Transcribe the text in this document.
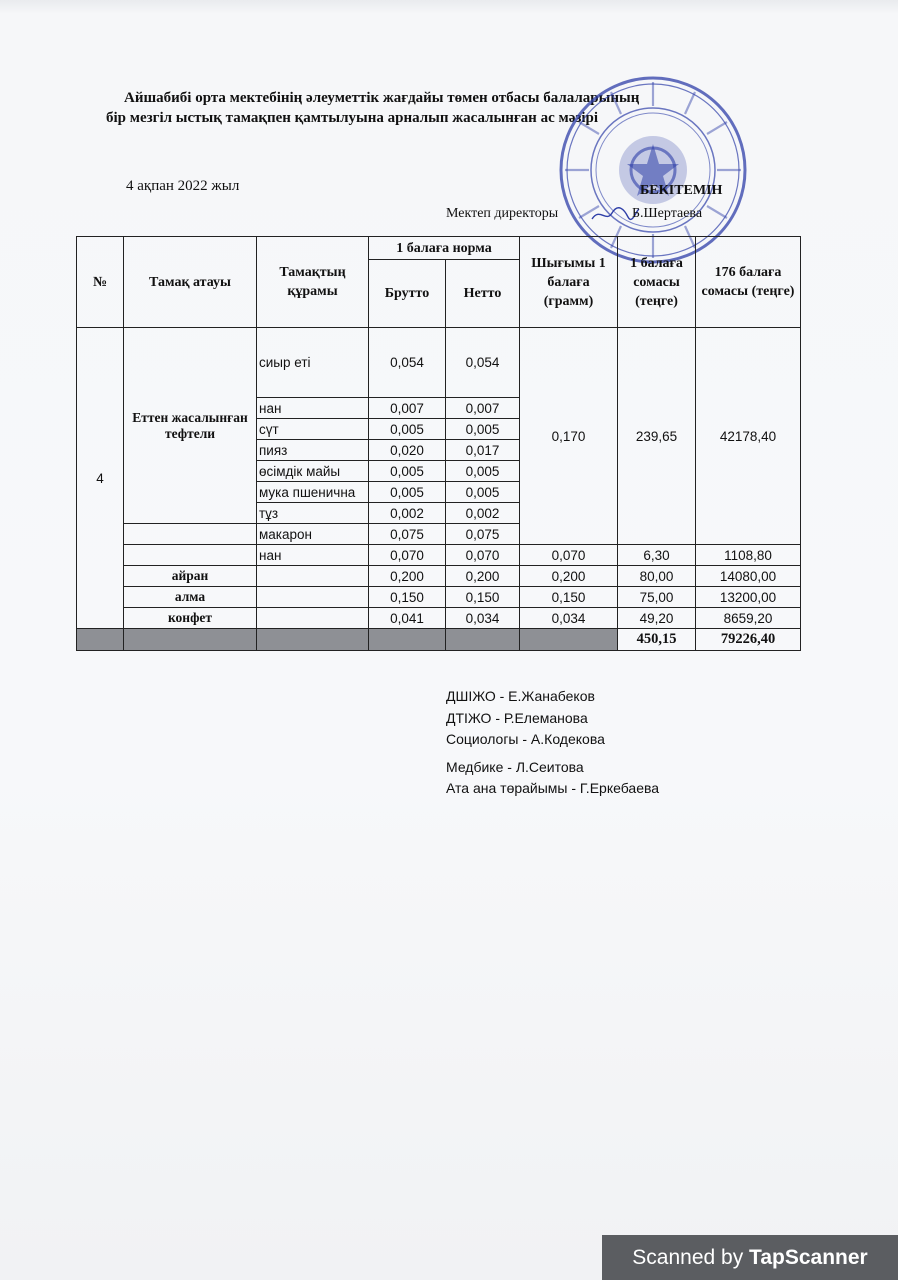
Айшабибі орта мектебінің әлеуметтік жағдайы төмен отбасы балаларының
бір мезгіл ыстық тамақпен қамтылуына арналып жасалынған ас мәзірі
4 ақпан 2022 жыл	БЕКІТЕМІН
Мектеп директоры	Б.Шертаева
№	Тамақ атауы	Тамақтың құрамы	1 балаға норма		Шығымы 1 балаға (грамм)	1 балаға сомасы (теңге)	176 балаға сомасы (теңге)
			Брутто	Нетто			
4	Еттен жасалынған тефтели	сиыр еті	0,054	0,054	0,170	239,65	42178,40
		нан	0,007	0,007			
		сүт	0,005	0,005			
		пияз	0,020	0,017			
		өсімдік майы	0,005	0,005			
		мука пшенична	0,005	0,005			
		тұз	0,002	0,002			
		макарон	0,075	0,075			
		нан	0,070	0,070	0,070	6,30	1108,80
	айран		0,200	0,200	0,200	80,00	14080,00
	алма		0,150	0,150	0,150	75,00	13200,00
	конфет		0,041	0,034	0,034	49,20	8659,20
						450,15	79226,40
ДШІЖО - Е.Жанабеков
ДТІЖО - Р.Елеманова
Социологы - А.Кодекова
Медбике - Л.Сеитова
Ата ана төрайымы - Г.Еркебаева
Scanned by TapScanner
